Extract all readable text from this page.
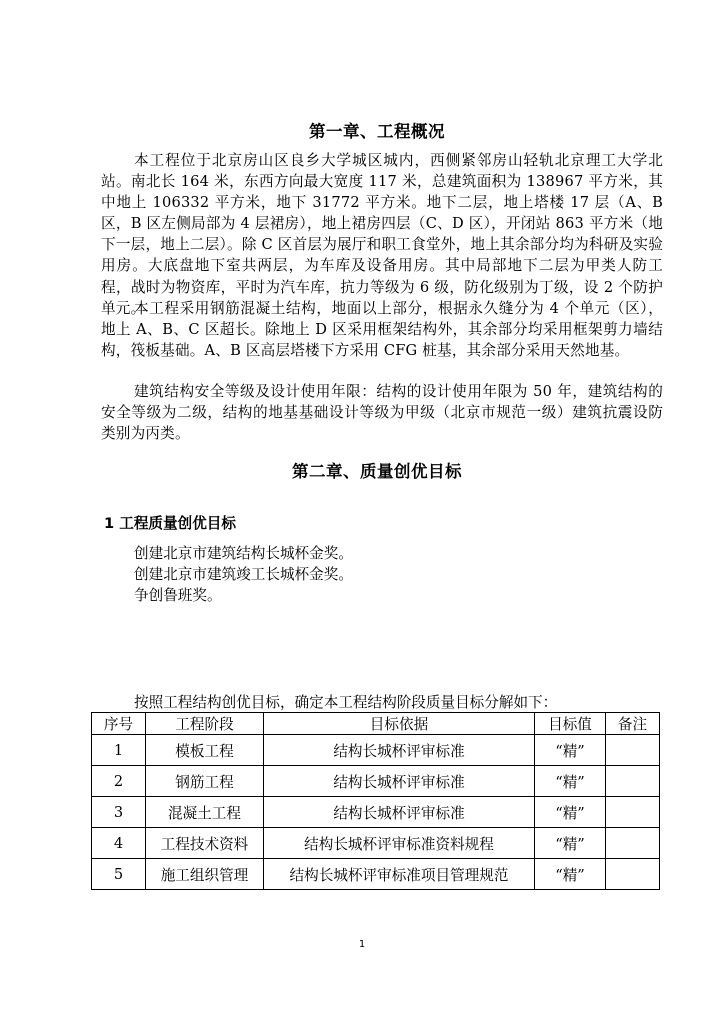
第一章、工程概况

本工程位于北京房山区良乡大学城区城内，西侧紧邻房山轻轨北京理工大学北站。南北长 164 米，东西方向最大宽度 117 米，总建筑面积为 138967 平方米，其中地上 106332 平方米，地下 31772 平方米。地下二层，地上塔楼 17 层（A、B 区，B 区左侧局部为 4 层裙房），地上裙房四层（C、D 区），开闭站 863 平方米（地下一层，地上二层）。除 C 区首层为展厅和职工食堂外，地上其余部分均为科研及实验用房。大底盘地下室共两层，为车库及设备用房。其中局部地下二层为甲类人防工程，战时为物资库，平时为汽车库，抗力等级为 6 级，防化级别为丁级，设 2 个防护单元。

本工程采用钢筋混凝土结构，地面以上部分，根据永久缝分为 4 个单元（区），地上 A、B、C 区超长。除地上 D 区采用框架结构外，其余部分均采用框架剪力墙结构，筏板基础。A、B 区高层塔楼下方采用 CFG 桩基，其余部分采用天然地基。

建筑结构安全等级及设计使用年限：结构的设计使用年限为 50 年，建筑结构的安全等级为二级，结构的地基基础设计等级为甲级（北京市规范一级）建筑抗震设防类别为丙类。

第二章、质量创优目标
1 工程质量创优目标
创建北京市建筑结构长城杯金奖。
创建北京市建筑竣工长城杯金奖。
争创鲁班奖。
按照工程结构创优目标，确定本工程结构阶段质量目标分解如下：
序号	工程阶段	目标依据	目标值	备注
1	模板工程	结构长城杯评审标准	“精”	
2	钢筋工程	结构长城杯评审标准	“精”	
3	混凝土工程	结构长城杯评审标准	“精”	
4	工程技术资料	结构长城杯评审标准资料规程	“精”	
5	施工组织管理	结构长城杯评审标准项目管理规范	“精”	
1
